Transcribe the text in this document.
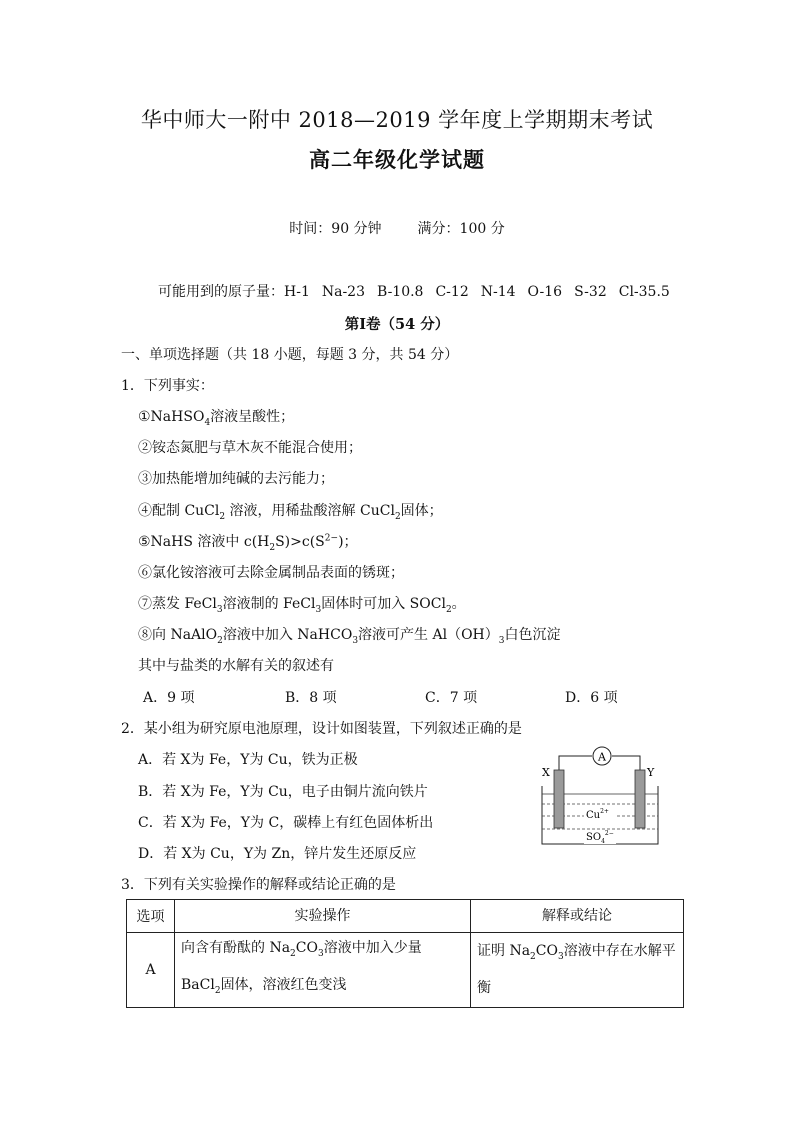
华中师大一附中 2018—2019 学年度上学期期末考试
高二年级化学试题
时间：90 分钟	满分：100 分
可能用到的原子量：H-1 Na-23 B-10.8 C-12 N-14 O-16 S-32 Cl-35.5
第Ⅰ卷（54 分）
一、单项选择题（共 18 小题，每题 3 分，共 54 分）
1．下列事实：
①NaHSO$_4$溶液呈酸性；
②铵态氮肥与草木灰不能混合使用；
③加热能增加纯碱的去污能力；
④配制 CuCl$_2$ 溶液，用稀盐酸溶解 CuCl$_2$固体；
⑤NaHS 溶液中 $c(H_2S)>c(S^{2-})$；
⑥氯化铵溶液可去除金属制品表面的锈斑；
⑦蒸发 FeCl$_3$溶液制的 FeCl$_3$固体时可加入 SOCl$_2$。
⑧向 NaAlO$_2$溶液中加入 NaHCO$_3$溶液可产生 $Al(OH)_3$白色沉淀
其中与盐类的水解有关的叙述有
A．9 项	B．8 项	C．7 项	D．6 项
2．某小组为研究原电池原理，设计如图装置，下列叙述正确的是
A．若 X为 Fe，Y为 Cu，铁为正极
B．若 X为 Fe，Y为 Cu，电子由铜片流向铁片
C．若 X为 Fe，Y为 C，碳棒上有红色固体析出
D．若 X为 Cu，Y为 Zn，锌片发生还原反应
A
X	Y
$Cu^{2+}$
$SO_4^{2-}$
3．下列有关实验操作的解释或结论正确的是
选项	实验操作	解释或结论
A	向含有酚酞的 $Na_2CO_3$溶液中加入少量
BaCl$_2$固体，溶液红色变浅	证明 $Na_2CO_3$溶液中存在水解平衡
